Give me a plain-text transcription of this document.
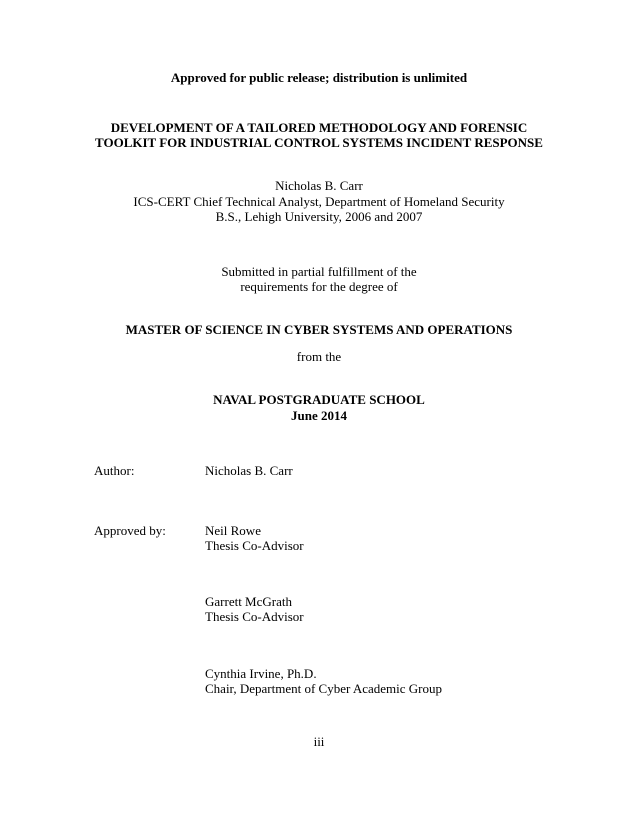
Approved for public release; distribution is unlimited
DEVELOPMENT OF A TAILORED METHODOLOGY AND FORENSIC
TOOLKIT FOR INDUSTRIAL CONTROL SYSTEMS INCIDENT RESPONSE
Nicholas B. Carr
ICS-CERT Chief Technical Analyst, Department of Homeland Security
B.S., Lehigh University, 2006 and 2007
Submitted in partial fulfillment of the
requirements for the degree of
MASTER OF SCIENCE IN CYBER SYSTEMS AND OPERATIONS
from the
NAVAL POSTGRADUATE SCHOOL
June 2014
Author:	Nicholas B. Carr
Approved by:	Neil Rowe
Thesis Co-Advisor
Garrett McGrath
Thesis Co-Advisor
Cynthia Irvine, Ph.D.
Chair, Department of Cyber Academic Group
iii
